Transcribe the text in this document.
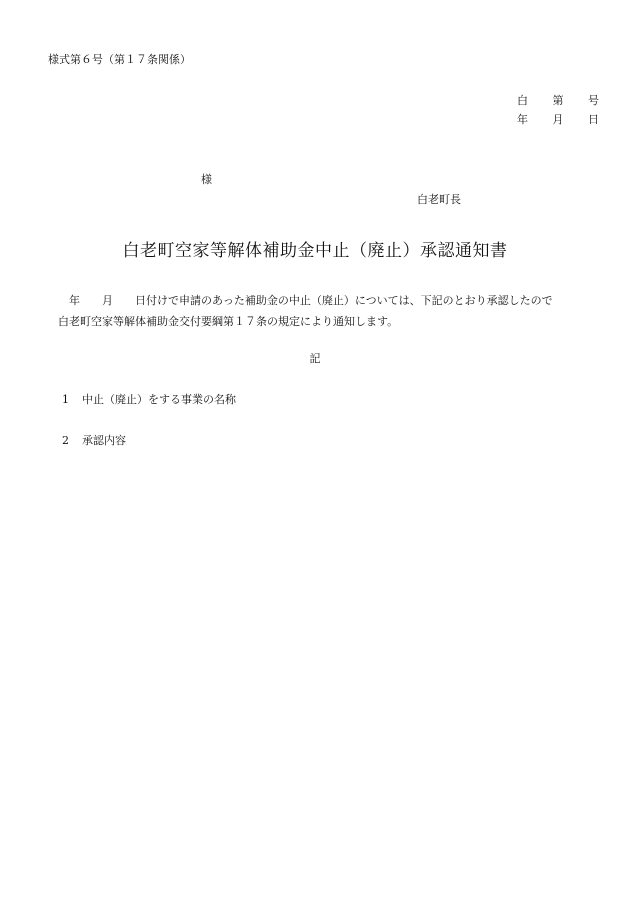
様式第６号（第１７条関係）
白 第 号
年 月 日
様
白老町長
白老町空家等解体補助金中止（廃止）承認通知書
　年　　月　　日付けで申請のあった補助金の中止（廃止）については、下記のとおり承認したので
白老町空家等解体補助金交付要綱第１７条の規定により通知します。
記
1 中止（廃止）をする事業の名称
2 承認内容
